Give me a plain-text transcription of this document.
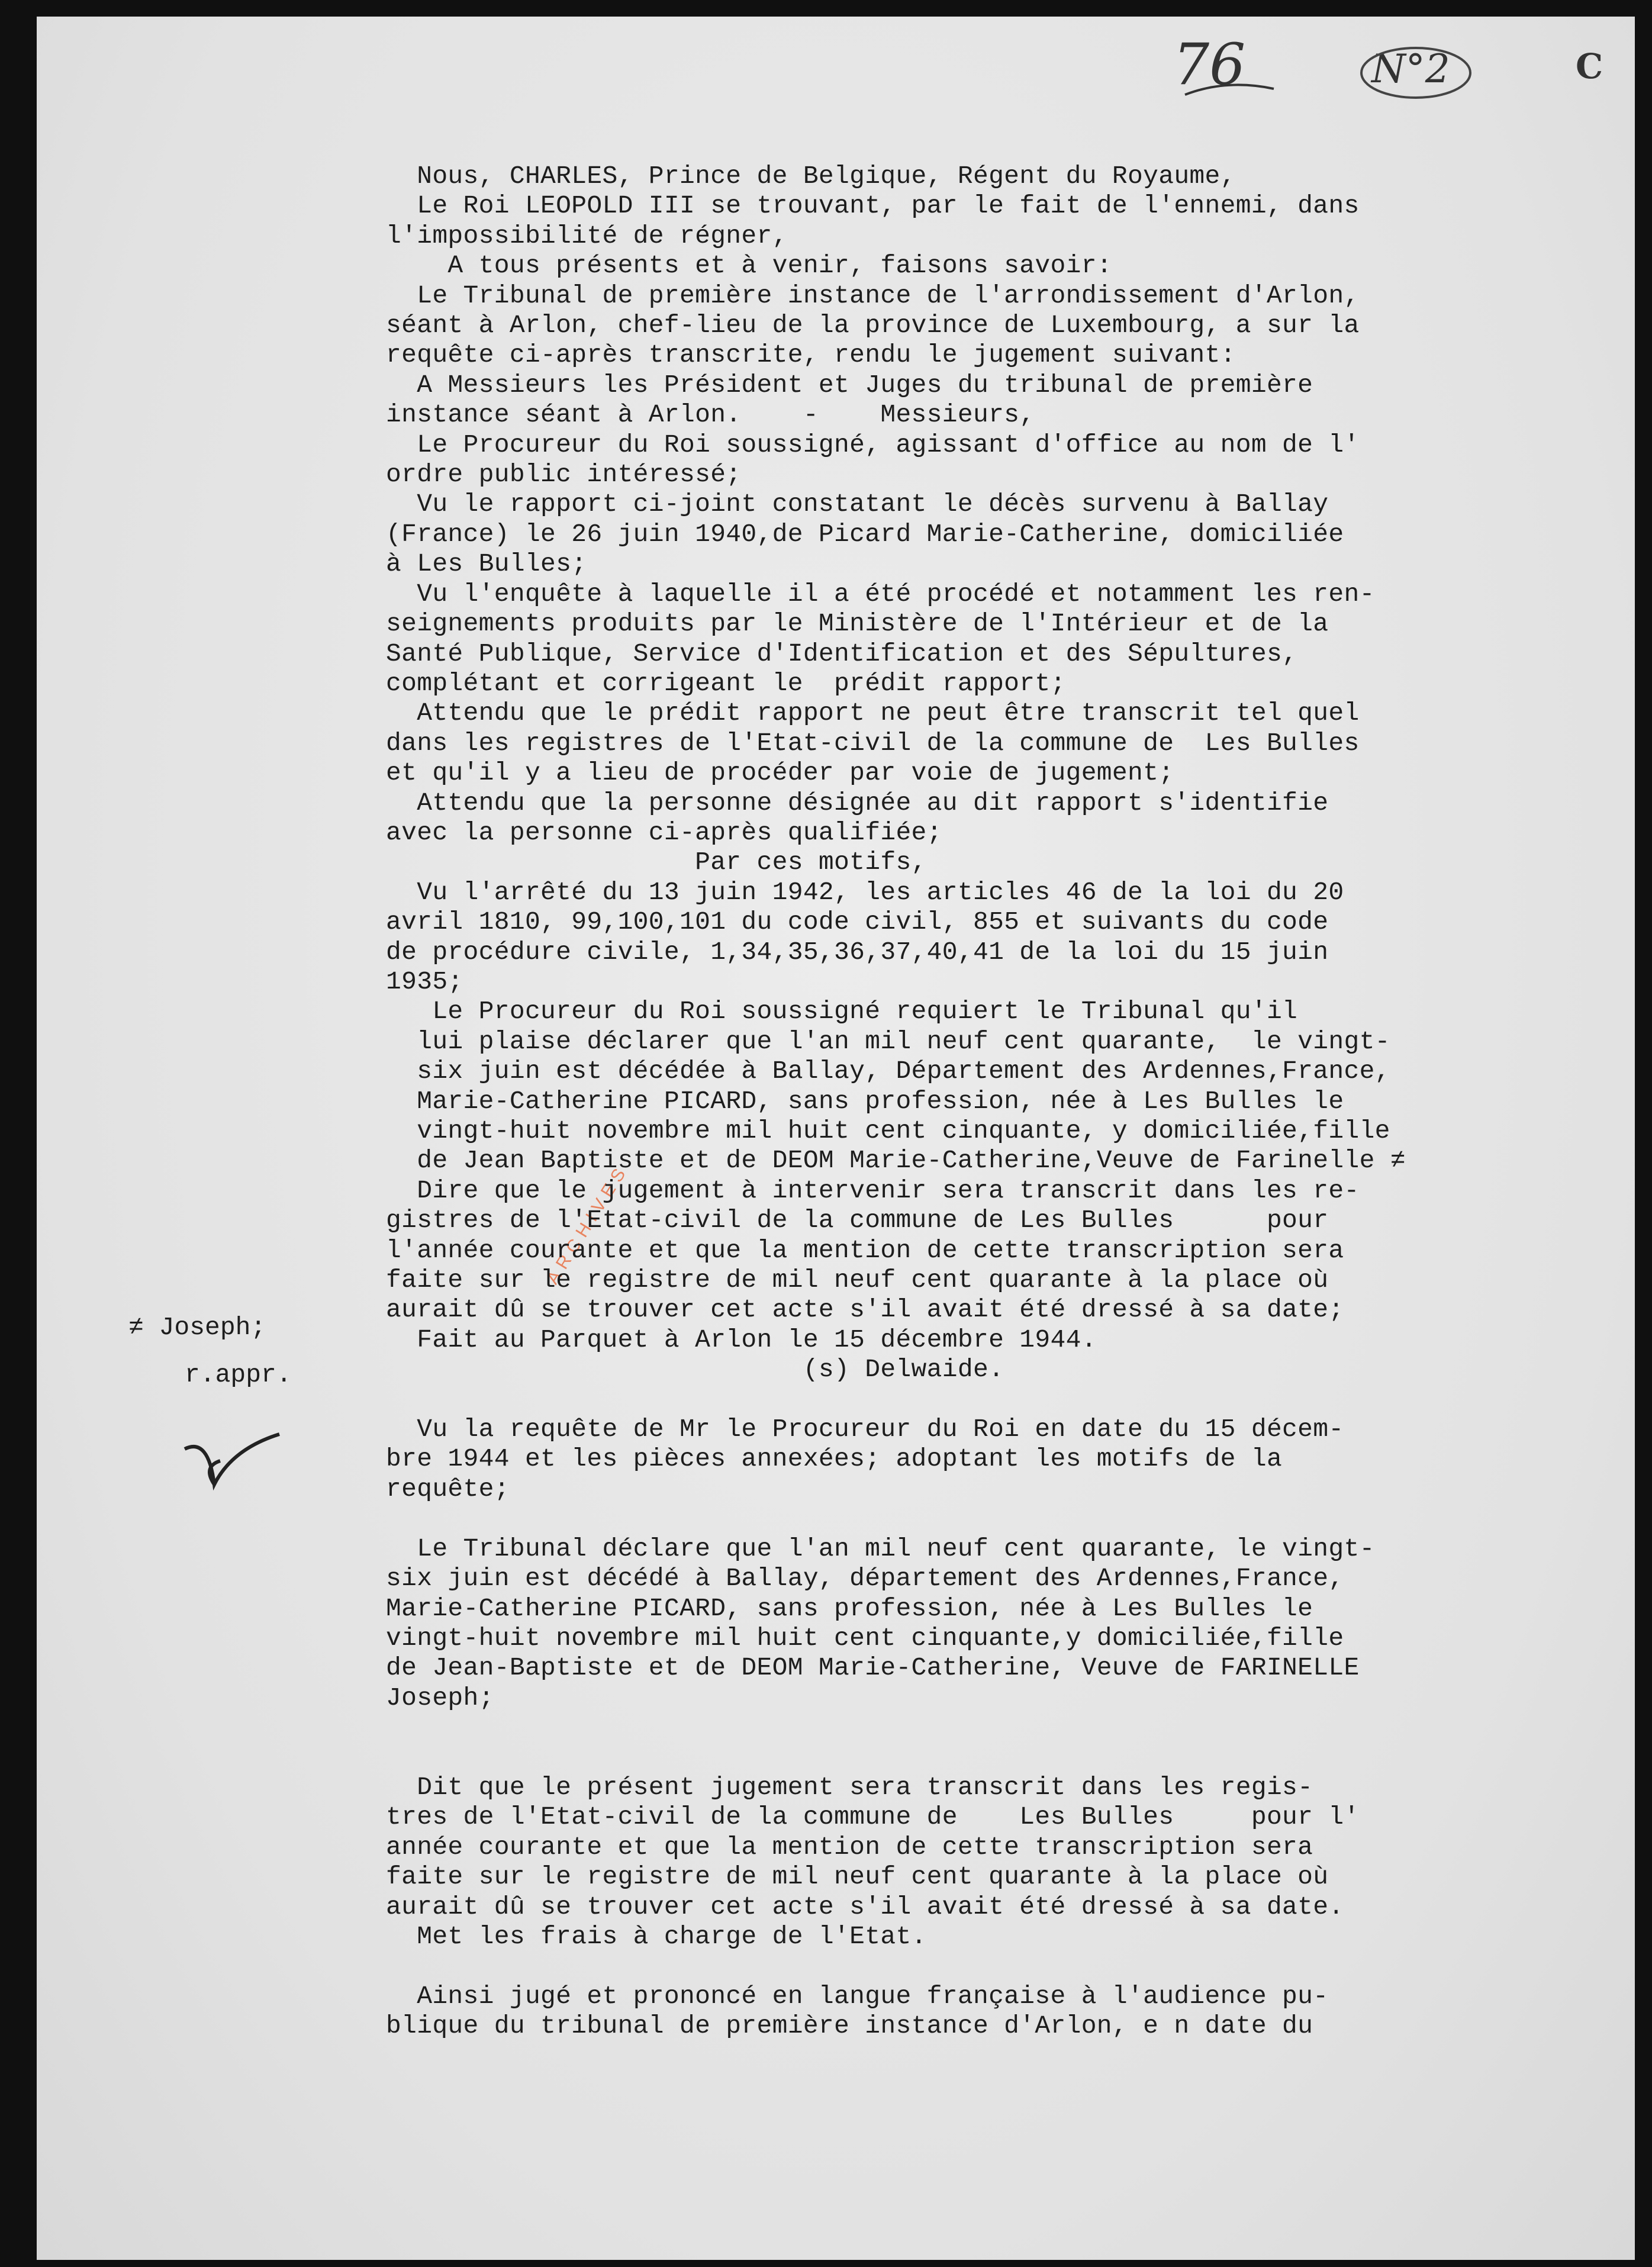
76	N°2	C
≠ Joseph;
r.appr.
ARCHIVES
Nous, CHARLES, Prince de Belgique, Régent du Royaume,
Le Roi LEOPOLD III se trouvant, par le fait de l'ennemi, dans
l'impossibilité de régner,
A tous présents et à venir, faisons savoir:
Le Tribunal de première instance de l'arrondissement d'Arlon,
séant à Arlon, chef-lieu de la province de Luxembourg, a sur la
requête ci-après transcrite, rendu le jugement suivant:
A Messieurs les Président et Juges du tribunal de première
instance séant à Arlon.    -    Messieurs,
Le Procureur du Roi soussigné, agissant d'office au nom de l'
ordre public intéressé;
Vu le rapport ci-joint constatant le décès survenu à Ballay
(France) le 26 juin 1940,de Picard Marie-Catherine, domiciliée
à Les Bulles;
Vu l'enquête à laquelle il a été procédé et notamment les ren-
seignements produits par le Ministère de l'Intérieur et de la
Santé Publique, Service d'Identification et des Sépultures,
complétant et corrigeant le  prédit rapport;
Attendu que le prédit rapport ne peut être transcrit tel quel
dans les registres de l'Etat-civil de la commune de  Les Bulles
et qu'il y a lieu de procéder par voie de jugement;
Attendu que la personne désignée au dit rapport s'identifie
avec la personne ci-après qualifiée;
Par ces motifs,
Vu l'arrêté du 13 juin 1942, les articles 46 de la loi du 20
avril 1810, 99,100,101 du code civil, 855 et suivants du code
de procédure civile, 1,34,35,36,37,40,41 de la loi du 15 juin
1935;
Le Procureur du Roi soussigné requiert le Tribunal qu'il
lui plaise déclarer que l'an mil neuf cent quarante,  le vingt-
six juin est décédée à Ballay, Département des Ardennes,France,
Marie-Catherine PICARD, sans profession, née à Les Bulles le
vingt-huit novembre mil huit cent cinquante, y domiciliée,fille
de Jean Baptiste et de DEOM Marie-Catherine,Veuve de Farinelle ≠
Dire que le jugement à intervenir sera transcrit dans les re-
gistres de l'Etat-civil de la commune de Les Bulles      pour
l'année courante et que la mention de cette transcription sera
faite sur le registre de mil neuf cent quarante à la place où
aurait dû se trouver cet acte s'il avait été dressé à sa date;
Fait au Parquet à Arlon le 15 décembre 1944.
(s) Delwaide.

Vu la requête de Mr le Procureur du Roi en date du 15 décem-
bre 1944 et les pièces annexées; adoptant les motifs de la
requête;

Le Tribunal déclare que l'an mil neuf cent quarante, le vingt-
six juin est décédé à Ballay, département des Ardennes,France,
Marie-Catherine PICARD, sans profession, née à Les Bulles le
vingt-huit novembre mil huit cent cinquante,y domiciliée,fille
de Jean-Baptiste et de DEOM Marie-Catherine, Veuve de FARINELLE
Joseph;

Dit que le présent jugement sera transcrit dans les regis-
tres de l'Etat-civil de la commune de    Les Bulles     pour l'
année courante et que la mention de cette transcription sera
faite sur le registre de mil neuf cent quarante à la place où
aurait dû se trouver cet acte s'il avait été dressé à sa date.
Met les frais à charge de l'Etat.

Ainsi jugé et prononcé en langue française à l'audience pu-
blique du tribunal de première instance d'Arlon, e n date du
